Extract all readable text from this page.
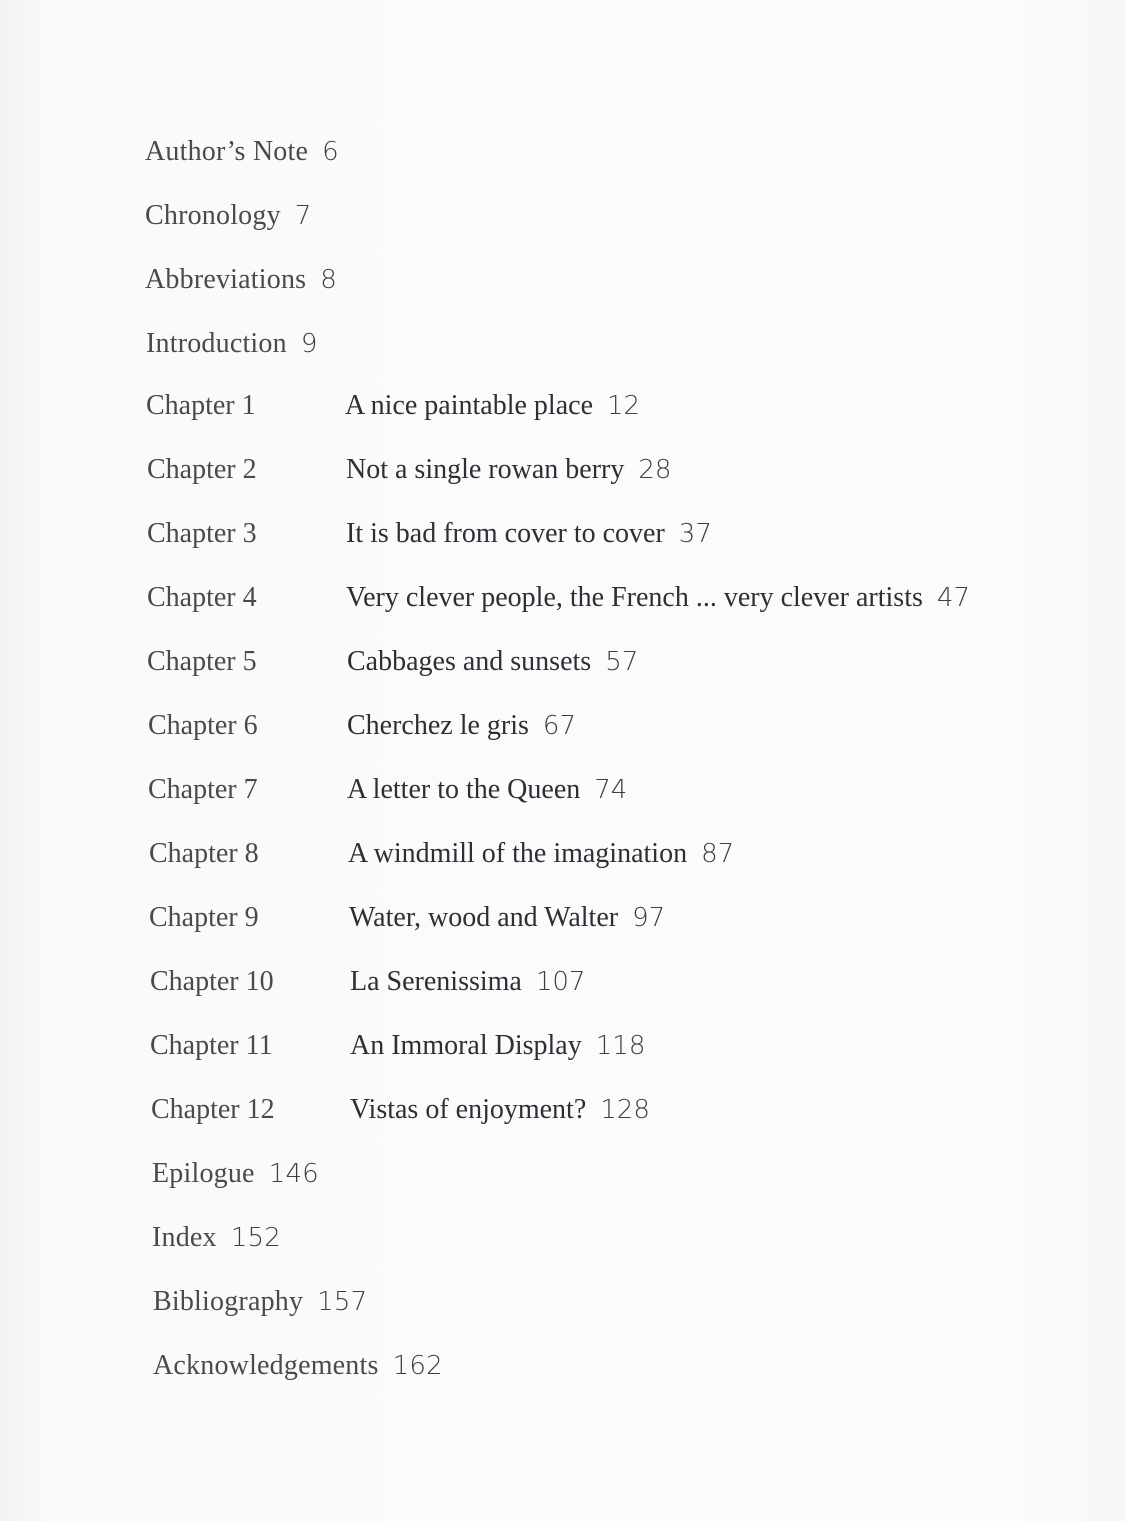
Author’s Note 6
Chronology 7
Abbreviations 8
Introduction 9
Chapter 1	A nice paintable place 12
Chapter 2	Not a single rowan berry 28
Chapter 3	It is bad from cover to cover 37
Chapter 4	Very clever people, the French ... very clever artists 47
Chapter 5	Cabbages and sunsets 57
Chapter 6	Cherchez le gris 67
Chapter 7	A letter to the Queen 74
Chapter 8	A windmill of the imagination 87
Chapter 9	Water, wood and Walter 97
Chapter 10	La Serenissima 107
Chapter 11	An Immoral Display 118
Chapter 12	Vistas of enjoyment? 128
Epilogue 146
Index 152
Bibliography 157
Acknowledgements 162
